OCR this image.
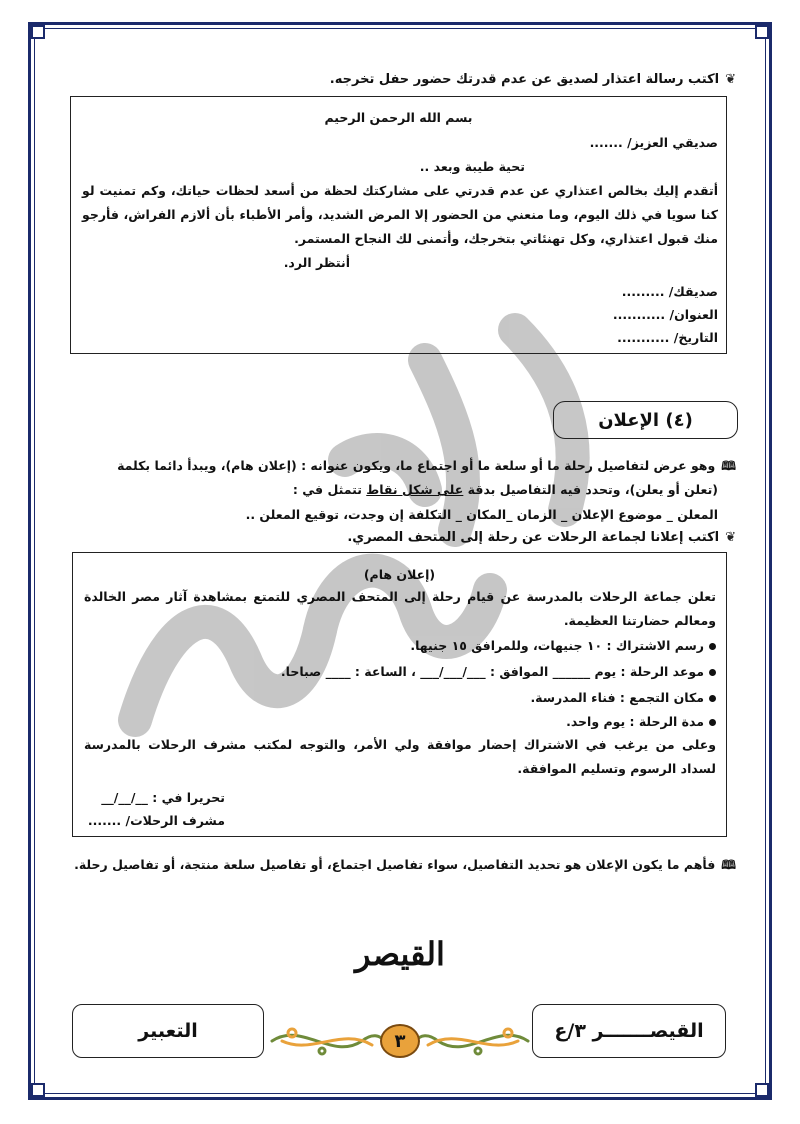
❦اكتب رسالة اعتذار لصديق عن عدم قدرتك حضور حفل تخرجه.
بسم الله الرحمن الرحيم
صديقي العزيز/ .......
تحية طيبة وبعد ..
أتقدم إليك بخالص اعتذاري عن عدم قدرتي على مشاركتك لحظة من أسعد لحظات حياتك، وكم تمنيت لو كنا سويا في ذلك اليوم، وما منعني من الحضور إلا المرض الشديد، وأمر الأطباء بأن ألازم الفراش، فأرجو منك قبول اعتذاري، وكل تهنئاتي بتخرجك، وأتمنى لك النجاح المستمر.
أنتظر الرد.
صديقك/ .........
العنوان/ ...........
التاريخ/ ...........
(٤) الإعلان
🕮وهو عرض لتفاصيل رحلة ما أو سلعة ما أو اجتماع ما، ويكون عنوانه : (إعلان هام)، ويبدأ دائما بكلمة
(تعلن أو يعلن)، وتحدد فيه التفاصيل بدقة على شكل نقاط تتمثل في :
المعلن _ موضوع الإعلان _ الزمان _المكان _ التكلفة إن وجدت، توقيع المعلن ..
❦اكتب إعلانا لجماعة الرحلات عن رحلة إلى المتحف المصري.
(إعلان هام)
تعلن جماعة الرحلات بالمدرسة عن قيام رحلة إلى المتحف المصري للتمتع بمشاهدة آثار مصر الخالدة ومعالم حضارتنا العظيمة.
رسم الاشتراك : ١٠ جنيهات، وللمرافق ١٥ جنيها.
موعد الرحلة : يوم ______ الموافق : ___/___/___ ، الساعة : ____ صباحا.
مكان التجمع : فناء المدرسة.
مدة الرحلة : يوم واحد.
وعلى من يرغب في الاشتراك إحضار موافقة ولي الأمر، والتوجه لمكتب مشرف الرحلات بالمدرسة لسداد الرسوم وتسليم الموافقة.
تحريرا في : __/__/__
مشرف الرحلات/ .......
🕮فأهم ما يكون الإعلان هو تحديد التفاصيل، سواء تفاصيل اجتماع، أو تفاصيل سلعة منتجة، أو تفاصيل رحلة.
القيصر
القيصـــــــر ٣/ع
التعبير	٣
